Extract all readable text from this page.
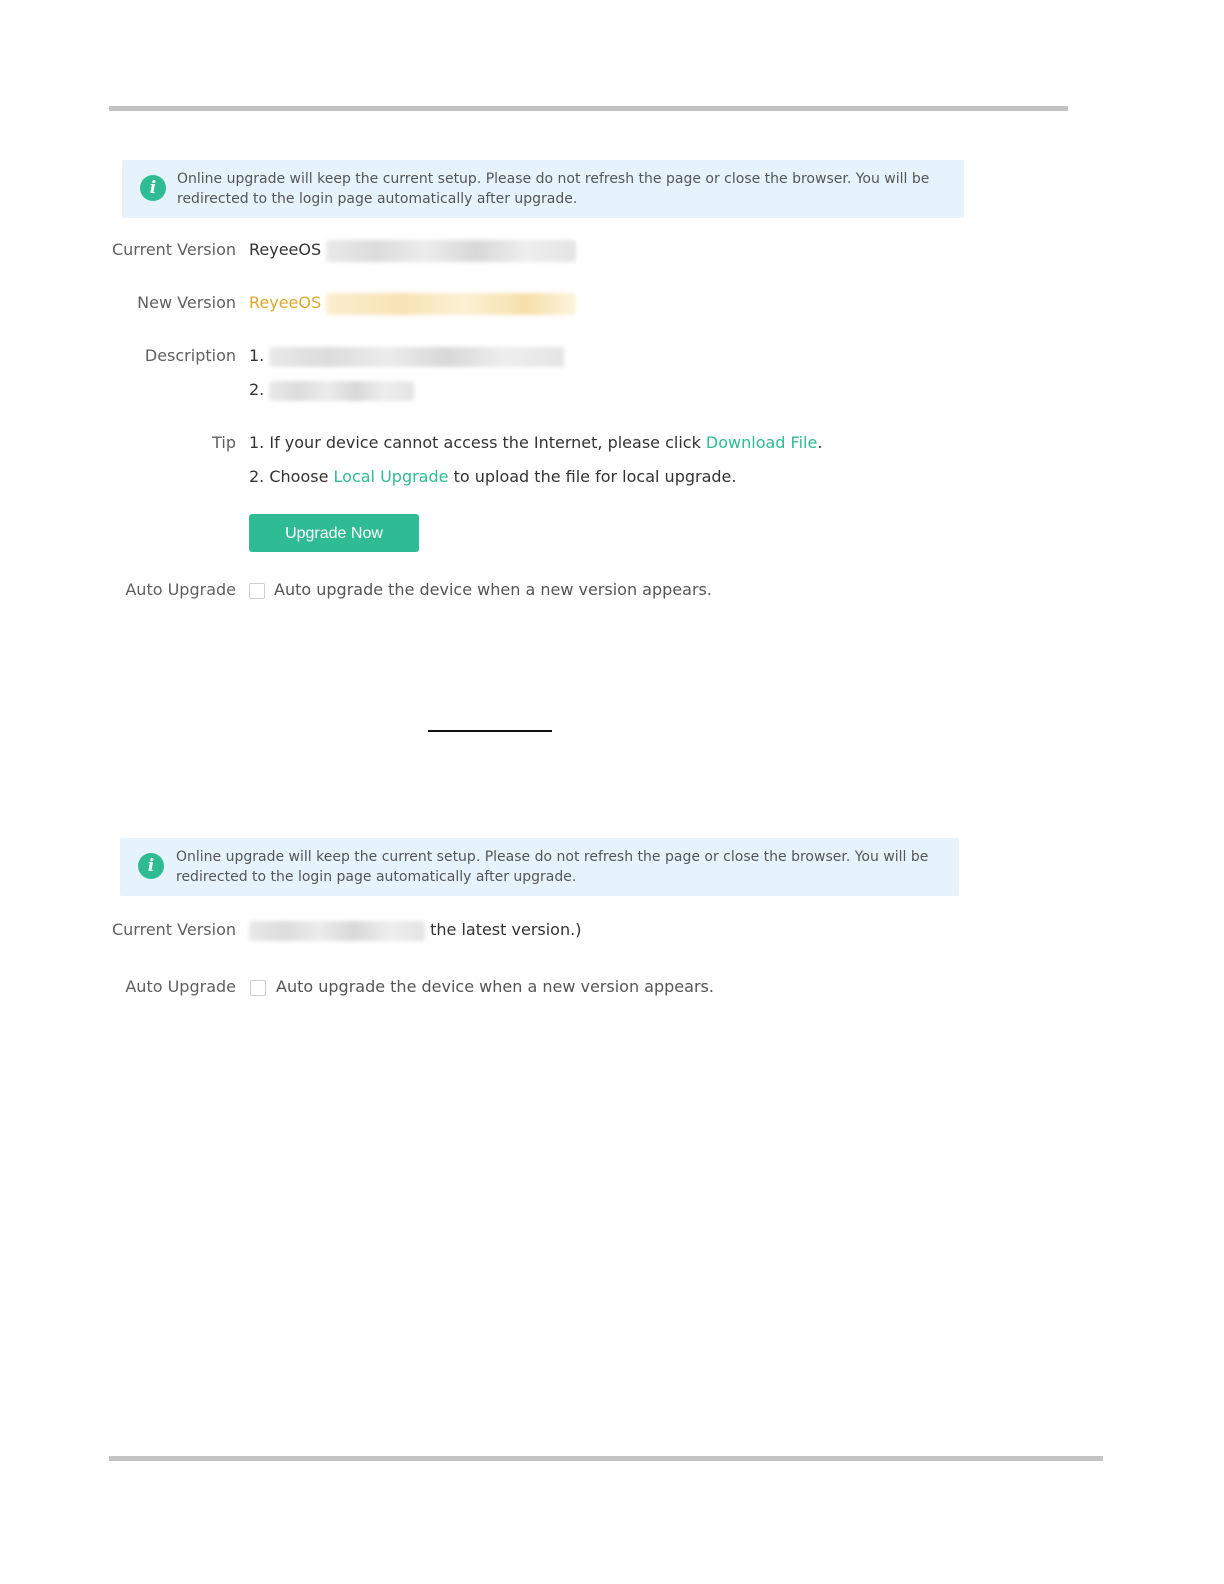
i	Online upgrade will keep the current setup. Please do not refresh the page or close the browser. You will be redirected to the login page automatically after upgrade.
Current Version ReyeeOS
New Version ReyeeOS
Description 1.
2.
Tip 1. If your device cannot access the Internet, please click Download File.
2. Choose Local Upgrade to upload the file for local upgrade.
Upgrade Now
Auto Upgrade Auto upgrade the device when a new version appears.
i	Online upgrade will keep the current setup. Please do not refresh the page or close the browser. You will be redirected to the login page automatically after upgrade.
Current Version	the latest version.)
Auto Upgrade	Auto upgrade the device when a new version appears.
